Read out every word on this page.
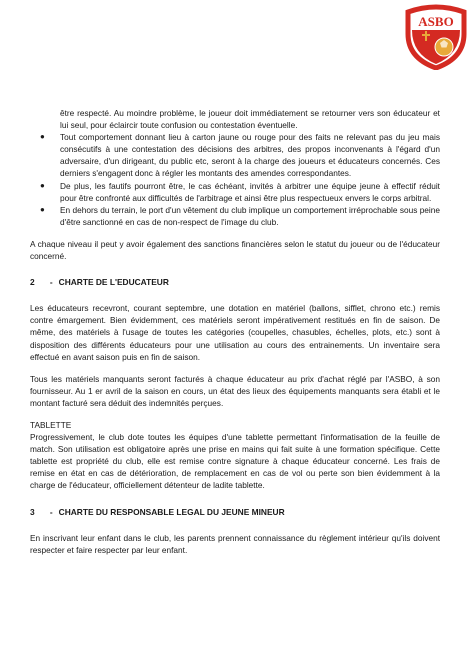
ASBO

être respecté. Au moindre problème, le joueur doit immédiatement se retourner vers son éducateur et lui seul, pour éclaircir toute confusion ou contestation éventuelle.

● Tout comportement donnant lieu à carton jaune ou rouge pour des faits ne relevant pas du jeu mais consécutifs à une contestation des décisions des arbitres, des propos inconvenants à l'égard d'un adversaire, d'un dirigeant, du public etc, seront à la charge des joueurs et éducateurs concernés. Ces derniers s'engagent donc à régler les montants des amendes correspondantes.
● De plus, les fautifs pourront être, le cas échéant, invités à arbitrer une équipe jeune à effectif réduit pour être confronté aux difficultés de l'arbitrage et ainsi être plus respectueux envers le corps arbitral.
● En dehors du terrain, le port d'un vêtement du club implique un comportement irréprochable sous peine d'être sanctionné en cas de non-respect de l'image du club.

A chaque niveau il peut y avoir également des sanctions financières selon le statut du joueur ou de l'éducateur concerné.

2 - CHARTE DE L'EDUCATEUR

Les éducateurs recevront, courant septembre, une dotation en matériel (ballons, sifflet, chrono etc.) remis contre émargement. Bien évidemment, ces matériels seront impérativement restitués en fin de saison. De même, des matériels à l'usage de toutes les catégories (coupelles, chasubles, échelles, plots, etc.) sont à disposition des différents éducateurs pour une utilisation au cours des entrainements. Un inventaire sera effectué en avant saison puis en fin de saison.

Tous les matériels manquants seront facturés à chaque éducateur au prix d'achat réglé par l'ASBO, à son fournisseur. Au 1 er avril de la saison en cours, un état des lieux des équipements manquants sera établi et le montant facturé sera déduit des indemnités perçues.

TABLETTE

Progressivement, le club dote toutes les équipes d'une tablette permettant l'informatisation de la feuille de match. Son utilisation est obligatoire après une prise en mains qui fait suite à une formation spécifique. Cette tablette est propriété du club, elle est remise contre signature à chaque éducateur concerné. Les frais de remise en état en cas de détérioration, de remplacement en cas de vol ou perte son bien évidemment à la charge de l'éducateur, officiellement détenteur de ladite tablette.

3 - CHARTE DU RESPONSABLE LEGAL DU JEUNE MINEUR

En inscrivant leur enfant dans le club, les parents prennent connaissance du règlement intérieur qu'ils doivent respecter et faire respecter par leur enfant.
